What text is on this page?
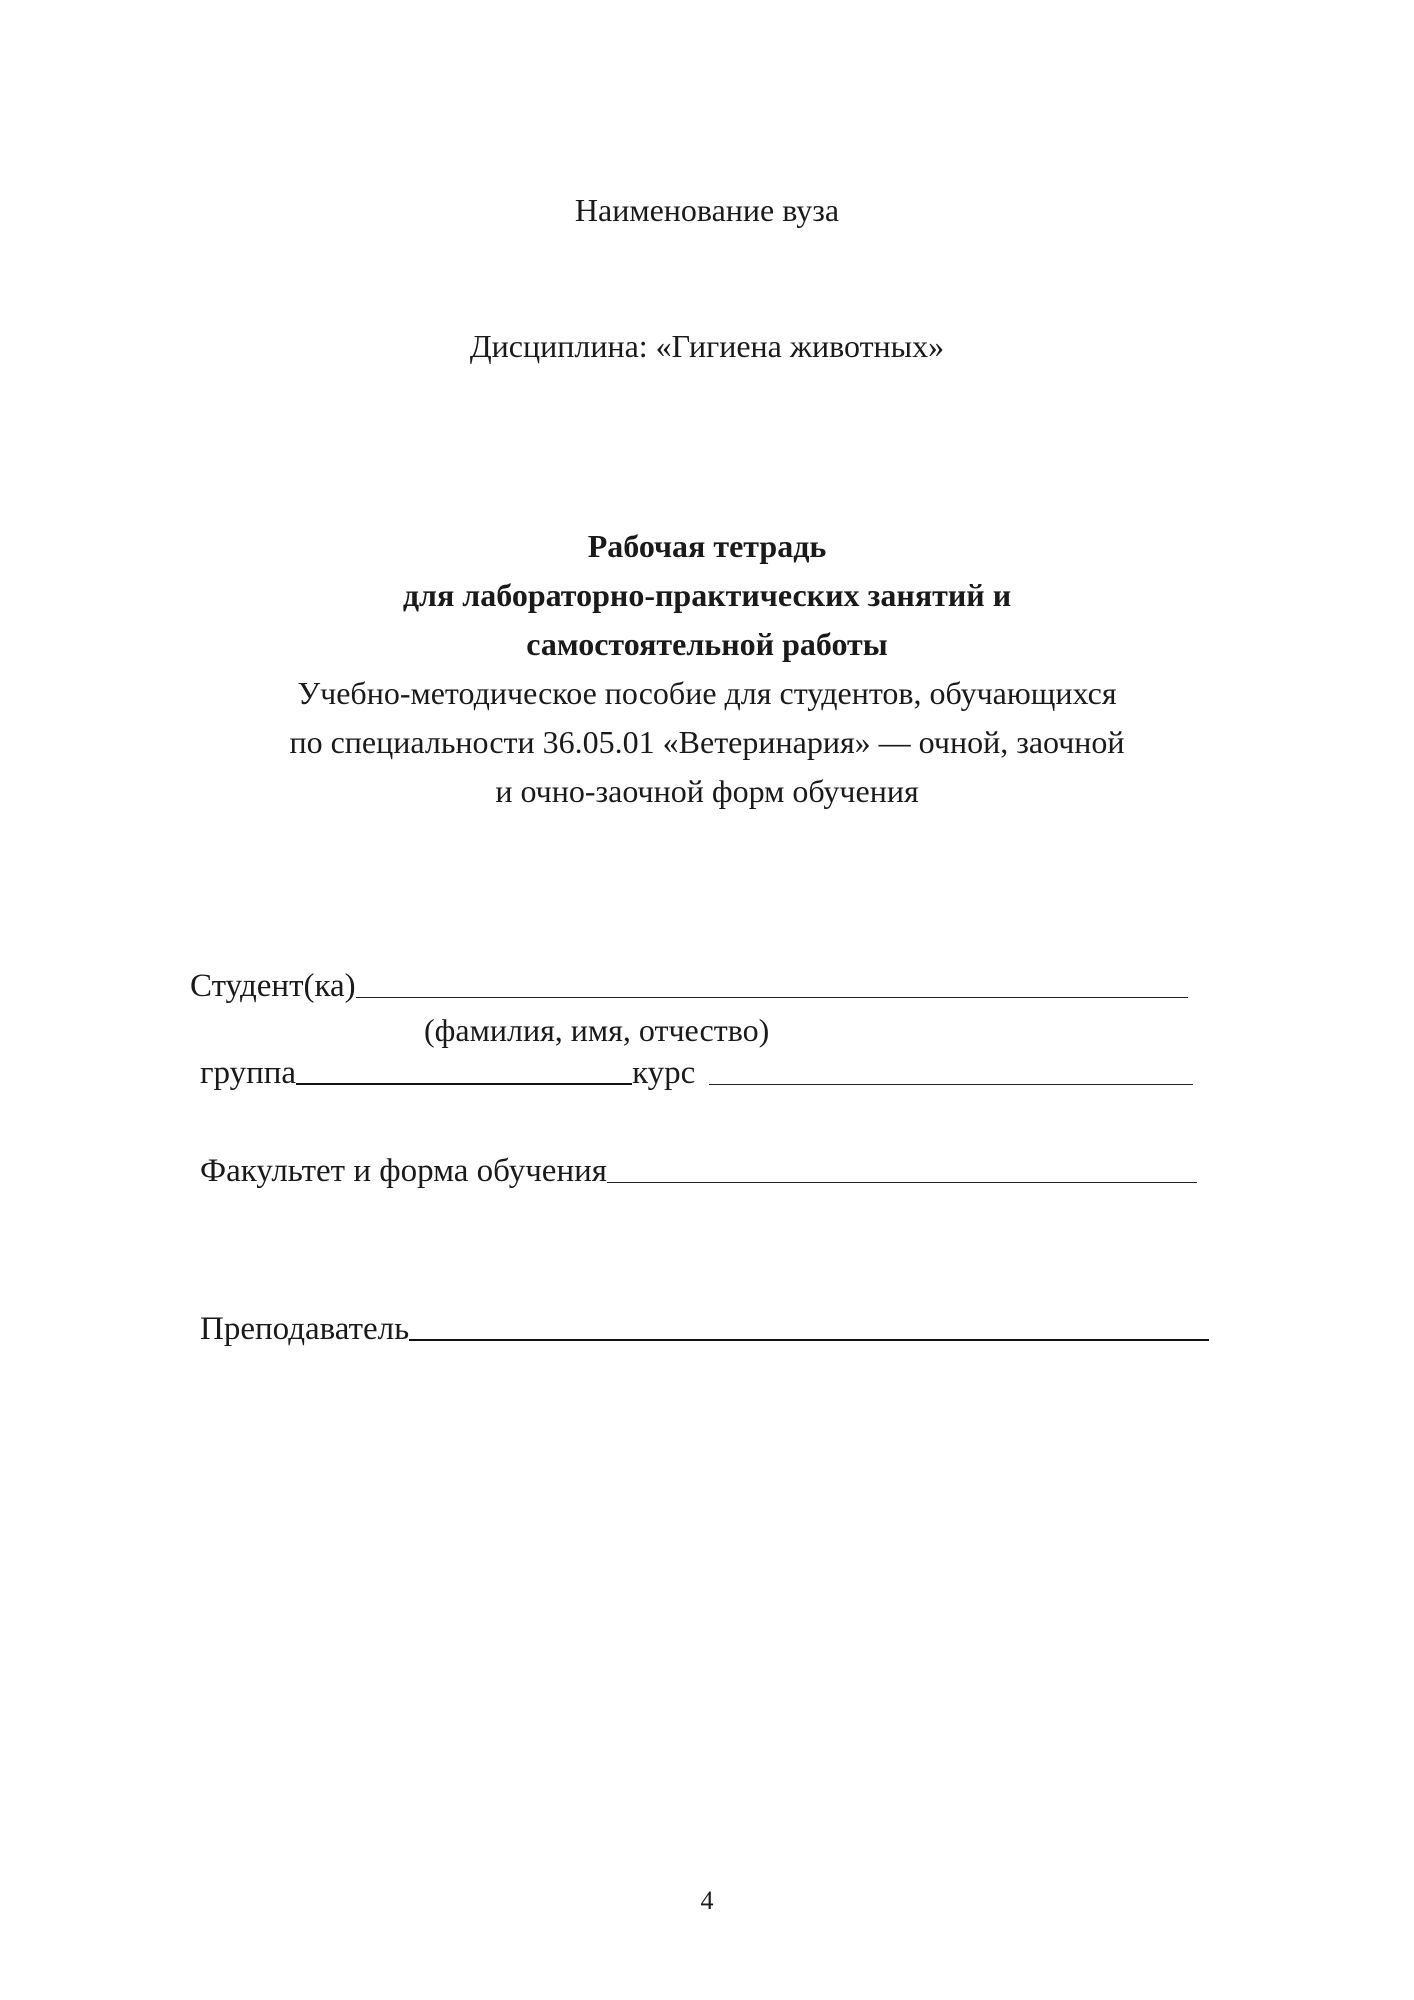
Наименование вуза
Дисциплина: «Гигиена животных»
Рабочая тетрадь
для лабораторно-практических занятий и
самостоятельной работы
Учебно-методическое пособие для студентов, обучающихся
по специальности 36.05.01 «Ветеринария» — очной, заочной
и очно-заочной форм обучения
Студент(ка)
(фамилия, имя, отчество)
группа	курс
Факультет и форма обучения
Преподаватель
4
